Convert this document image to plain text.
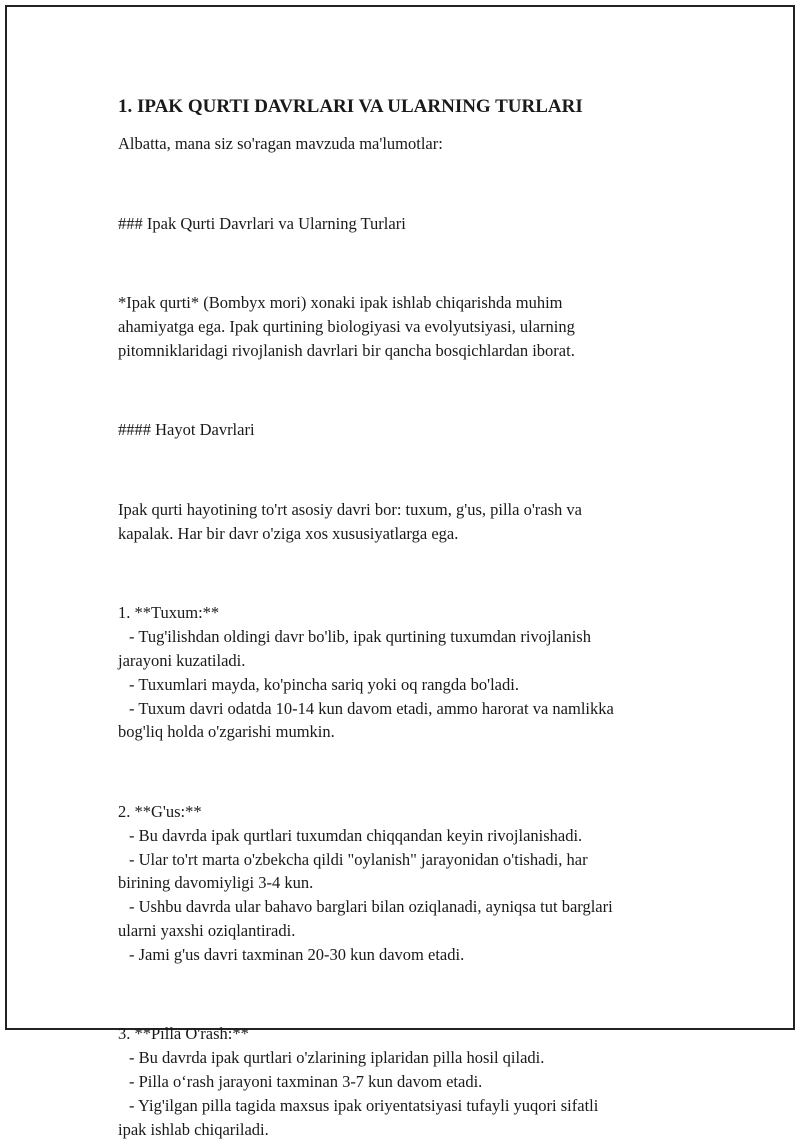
1. IPAK QURTI DAVRLARI VA ULARNING TURLARI

Albatta, mana siz so'ragan mavzuda ma'lumotlar:

### Ipak Qurti Davrlari va Ularning Turlari

*Ipak qurti* (Bombyx mori) xonaki ipak ishlab chiqarishda muhim

ahamiyatga ega. Ipak qurtining biologiyasi va evolyutsiyasi, ularning

pitomniklaridagi rivojlanish davrlari bir qancha bosqichlardan iborat.

#### Hayot Davrlari

Ipak qurti hayotining to'rt asosiy davri bor: tuxum, g'us, pilla o'rash va

kapalak. Har bir davr o'ziga xos xususiyatlarga ega.

1. **Tuxum:**

- Tug'ilishdan oldingi davr bo'lib, ipak qurtining tuxumdan rivojlanish

jarayoni kuzatiladi.

- Tuxumlari mayda, ko'pincha sariq yoki oq rangda bo'ladi.

- Tuxum davri odatda 10-14 kun davom etadi, ammo harorat va namlikka

bog'liq holda o'zgarishi mumkin.

2. **G'us:**

- Bu davrda ipak qurtlari tuxumdan chiqqandan keyin rivojlanishadi.

- Ular to'rt marta o'zbekcha qildi "oylanish" jarayonidan o'tishadi, har

birining davomiyligi 3-4 kun.

- Ushbu davrda ular bahavo barglari bilan oziqlanadi, ayniqsa tut barglari

ularni yaxshi oziqlantiradi.

- Jami g'us davri taxminan 20-30 kun davom etadi.

3. **Pilla O'rash:**

- Bu davrda ipak qurtlari o'zlarining iplaridan pilla hosil qiladi.

- Pilla o‘rash jarayoni taxminan 3-7 kun davom etadi.

- Yig'ilgan pilla tagida maxsus ipak oriyentatsiyasi tufayli yuqori sifatli

ipak ishlab chiqariladi.
